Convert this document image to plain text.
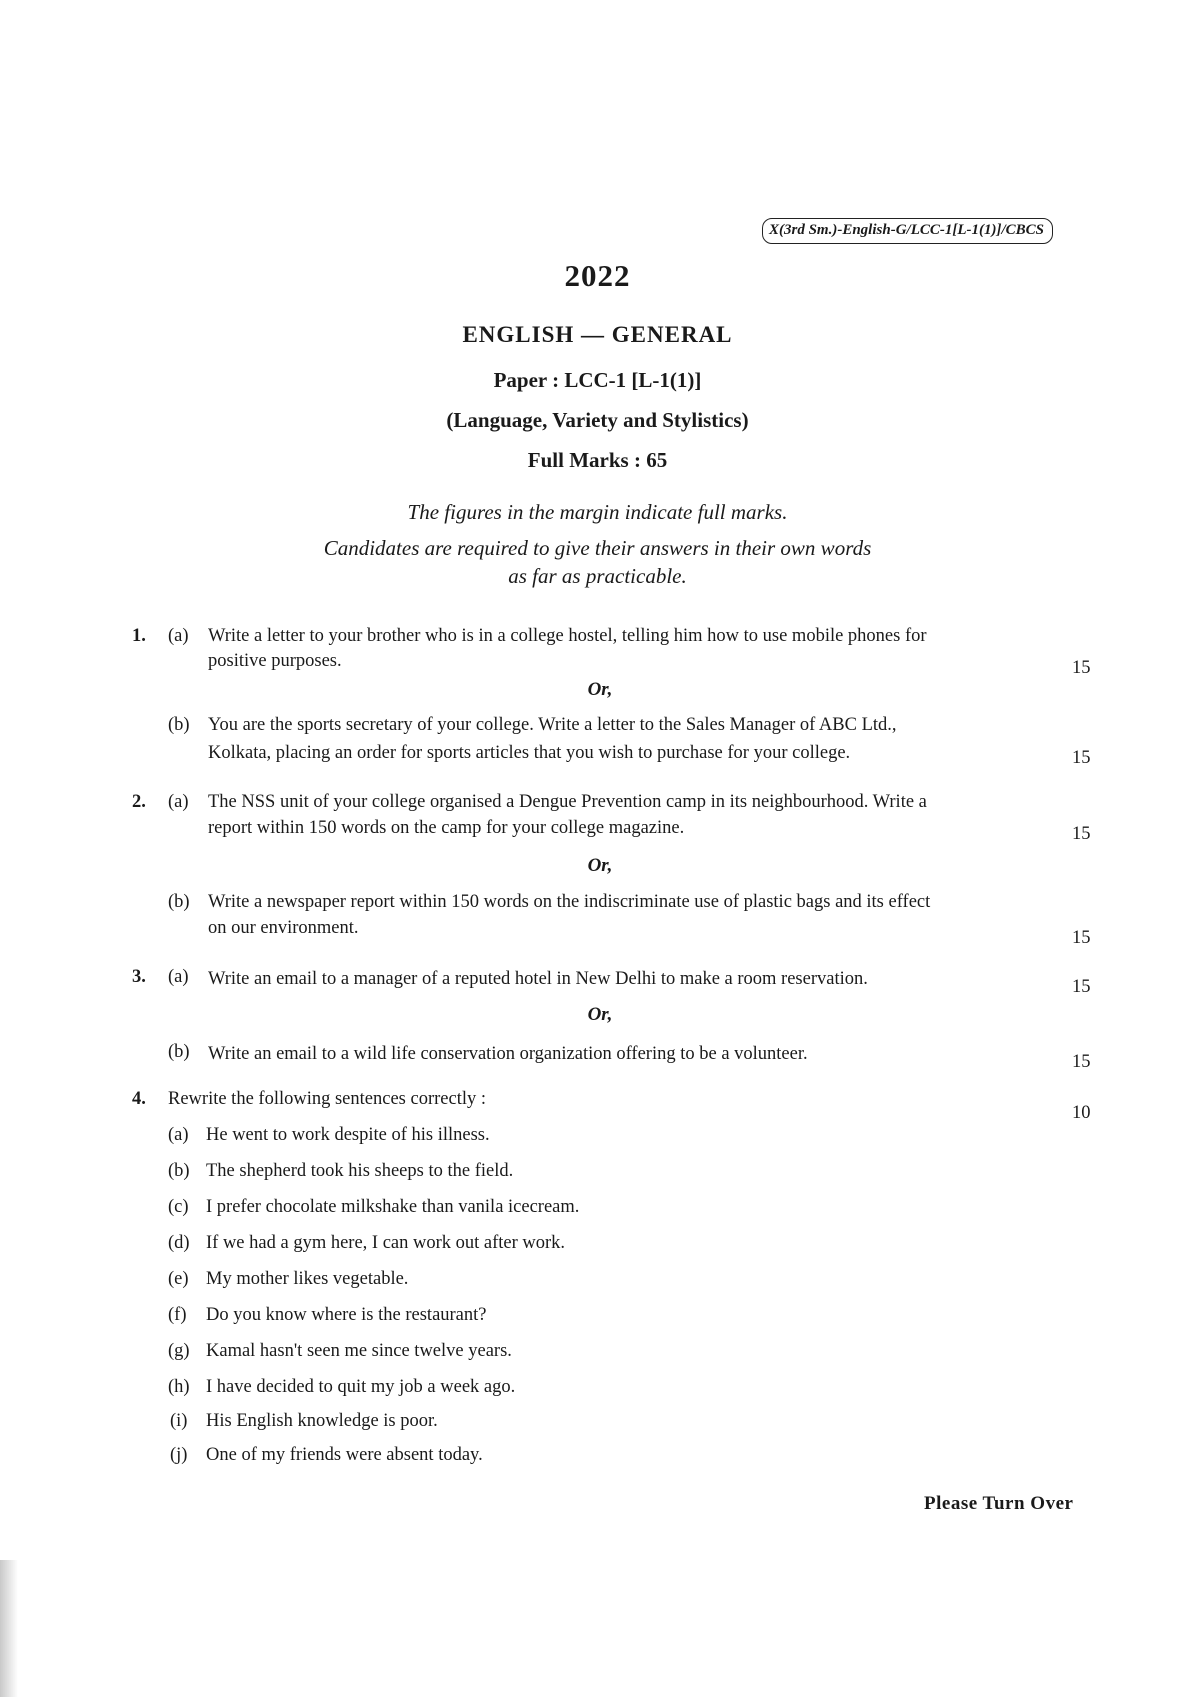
X(3rd Sm.)-English-G/LCC-1[L-1(1)]/CBCS
2022
ENGLISH — GENERAL
Paper : LCC-1 [L-1(1)]
(Language, Variety and Stylistics)
Full Marks : 65
The figures in the margin indicate full marks.
Candidates are required to give their answers in their own words
as far as practicable.
1. (a) Write a letter to your brother who is in a college hostel, telling him how to use mobile phones for
positive purposes.	15
Or,
(b) You are the sports secretary of your college. Write a letter to the Sales Manager of ABC Ltd.,
Kolkata, placing an order for sports articles that you wish to purchase for your college.	15
2. (a) The NSS unit of your college organised a Dengue Prevention camp in its neighbourhood. Write a
report within 150 words on the camp for your college magazine.	15
Or,
(b) Write a newspaper report within 150 words on the indiscriminate use of plastic bags and its effect
on our environment.	15
3. (a) Write an email to a manager of a reputed hotel in New Delhi to make a room reservation.	15
Or,
(b) Write an email to a wild life conservation organization offering to be a volunteer.	15
4. Rewrite the following sentences correctly :
10
(a) He went to work despite of his illness.
(b) The shepherd took his sheeps to the field.
(c) I prefer chocolate milkshake than vanila icecream.
(d) If we had a gym here, I can work out after work.
(e) My mother likes vegetable.
(f) Do you know where is the restaurant?
(g) Kamal hasn't seen me since twelve years.
(h) I have decided to quit my job a week ago.
(i) His English knowledge is poor.
(j) One of my friends were absent today.
Please Turn Over
